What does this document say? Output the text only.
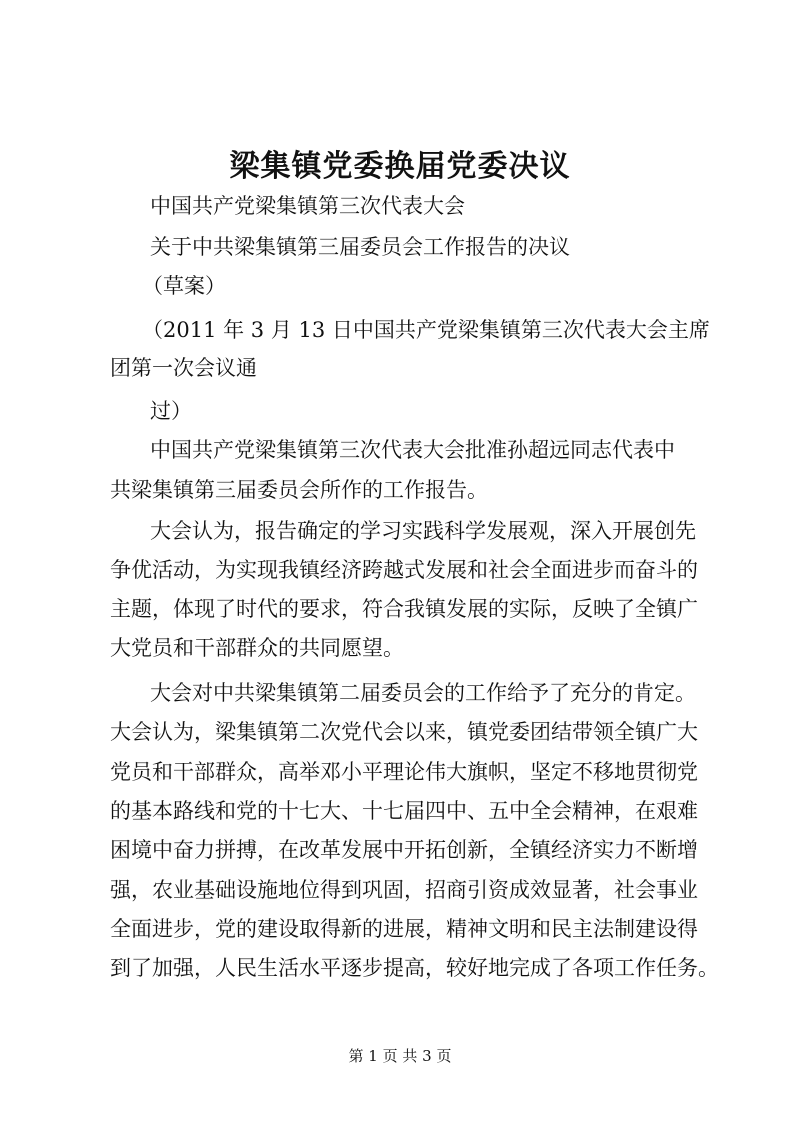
梁集镇党委换届党委决议
中国共产党梁集镇第三次代表大会
关于中共梁集镇第三届委员会工作报告的决议
（草案）
（2011 年 3 月 13 日中国共产党梁集镇第三次代表大会主席
团第一次会议通
过）
中国共产党梁集镇第三次代表大会批准孙超远同志代表中
共梁集镇第三届委员会所作的工作报告。
大会认为，报告确定的学习实践科学发展观，深入开展创先
争优活动，为实现我镇经济跨越式发展和社会全面进步而奋斗的
主题，体现了时代的要求，符合我镇发展的实际，反映了全镇广
大党员和干部群众的共同愿望。
大会对中共梁集镇第二届委员会的工作给予了充分的肯定。
大会认为，梁集镇第二次党代会以来，镇党委团结带领全镇广大
党员和干部群众，高举邓小平理论伟大旗帜，坚定不移地贯彻党
的基本路线和党的十七大、十七届四中、五中全会精神，在艰难
困境中奋力拼搏，在改革发展中开拓创新，全镇经济实力不断增
强，农业基础设施地位得到巩固，招商引资成效显著，社会事业
全面进步，党的建设取得新的进展，精神文明和民主法制建设得
到了加强，人民生活水平逐步提高，较好地完成了各项工作任务。
第 1 页 共 3 页
